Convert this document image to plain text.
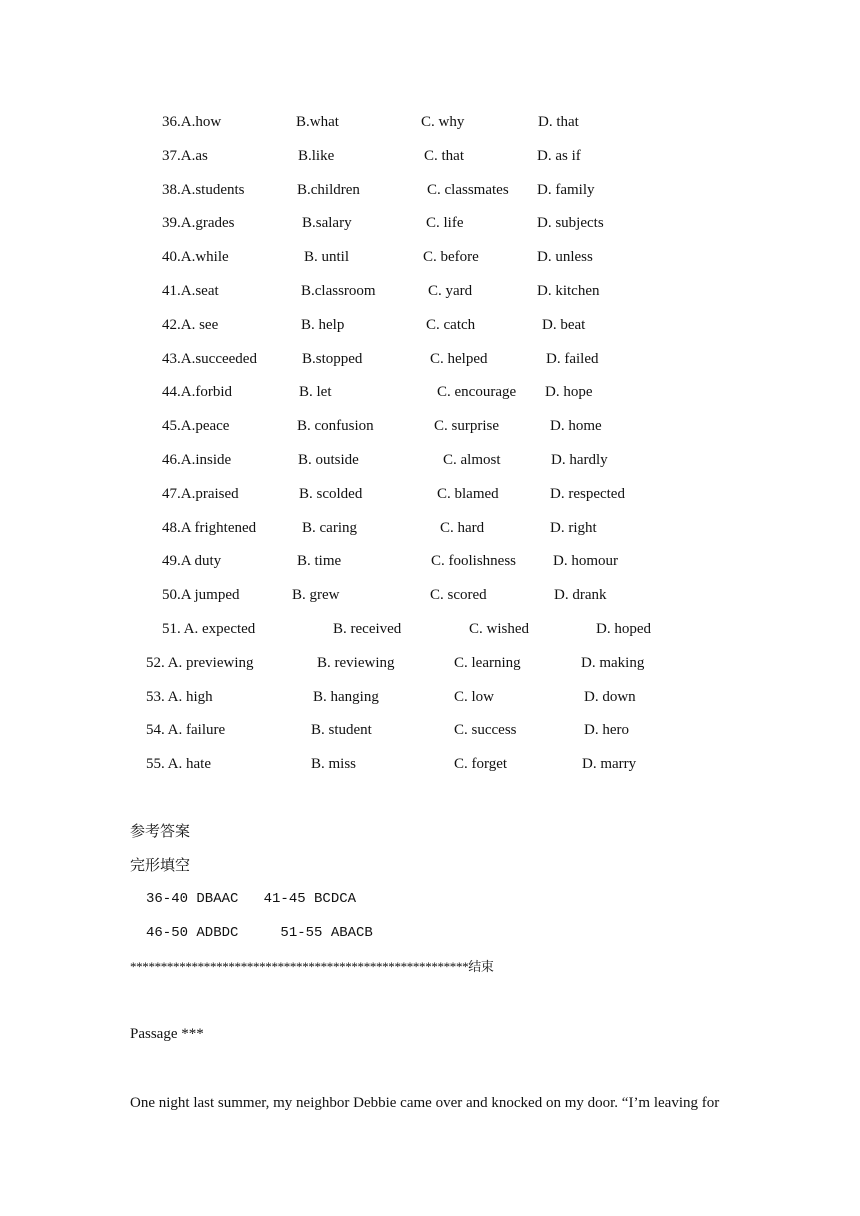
36.A.how	B.what	C. why	D. that
37.A.as	B.like	C. that	D. as if
38.A.students	B.children	C. classmates D. family
39.A.grades	B.salary	C. life	D. subjects
40.A.while	B. until	C. before	D. unless
41.A.seat	B.classroom	C. yard	D. kitchen
42.A. see	B. help	C. catch	D. beat
43.A.succeeded	B.stopped	C. helped	D. failed
44.A.forbid	B. let	C. encourage D. hope
45.A.peace	B. confusion	C. surprise	D. home
46.A.inside	B. outside	C. almost	D. hardly
47.A.praised	B. scolded	C. blamed	D. respected
48.A frightened	B. caring	C. hard	D. right
49.A duty	B. time	C. foolishness D. homour
50.A jumped	B. grew	C. scored	D. drank
51. A. expected	B. received	C. wished	D. hoped
52. A. previewing	B. reviewing	C. learning	D. making
53. A. high	B. hanging	C. low	D. down
54. A. failure	B. student	C. success	D. hero
55. A. hate	B. miss	C. forget	D. marry
参考答案
完形填空
36-40 DBAAC   41-45 BCDCA
46-50 ADBDC     51-55 ABACB
*******************************************************结束
Passage ***
One night last summer, my neighbor Debbie came over and knocked on my door. “I’m leaving for
